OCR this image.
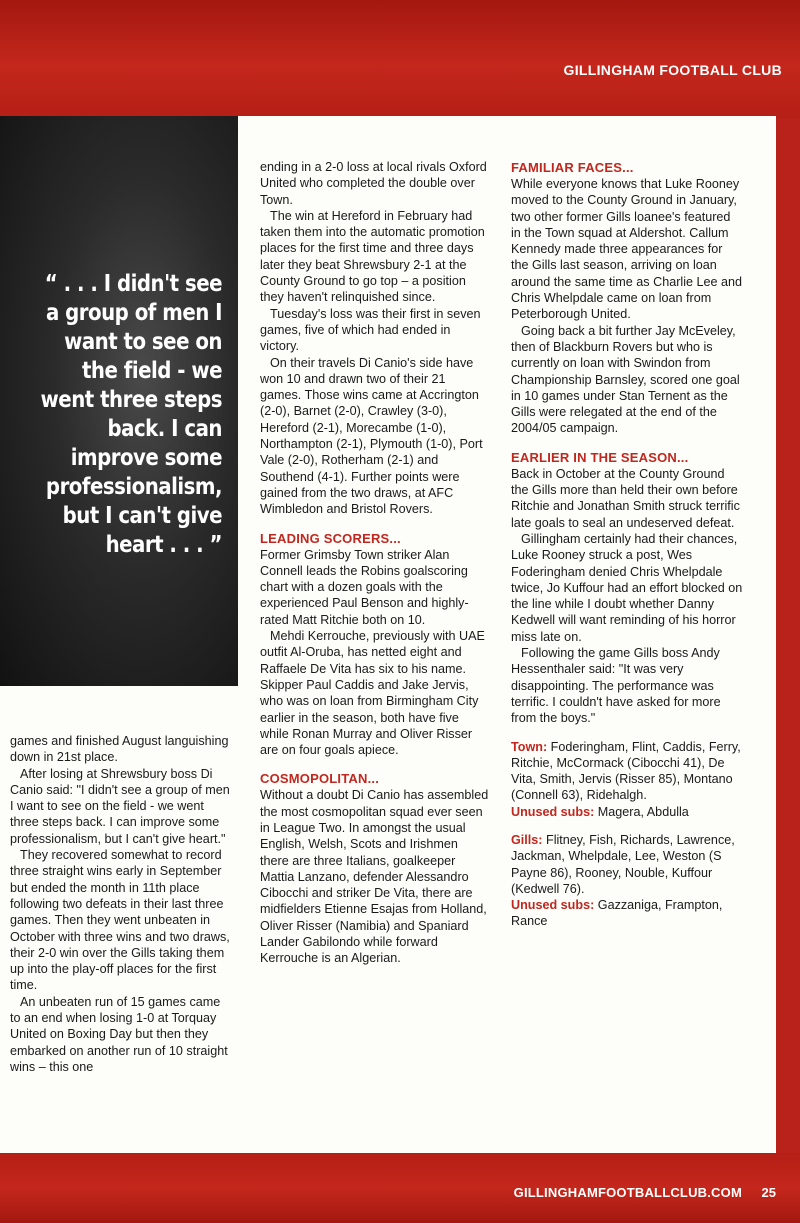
GILLINGHAM FOOTBALL CLUB
“ . . . I didn't see a group of men I want to see on the field - we went three steps back. I can improve some professionalism, but I can't give heart . . . ”

games and finished August languishing down in 21st place.

After losing at Shrewsbury boss Di Canio said: "I didn't see a group of men I want to see on the field - we went three steps back. I can improve some professionalism, but I can't give heart."

They recovered somewhat to record three straight wins early in September but ended the month in 11th place following two defeats in their last three games. Then they went unbeaten in October with three wins and two draws, their 2-0 win over the Gills taking them up into the play-off places for the first time.

An unbeaten run of 15 games came to an end when losing 1-0 at Torquay United on Boxing Day but then they embarked on another run of 10 straight wins – this one

ending in a 2-0 loss at local rivals Oxford United who completed the double over Town.

The win at Hereford in February had taken them into the automatic promotion places for the first time and three days later they beat Shrewsbury 2-1 at the County Ground to go top – a position they haven't relinquished since.

Tuesday's loss was their first in seven games, five of which had ended in victory.

On their travels Di Canio's side have won 10 and drawn two of their 21 games. Those wins came at Accrington (2-0), Barnet (2-0), Crawley (3-0), Hereford (2-1), Morecambe (1-0), Northampton (2-1), Plymouth (1-0), Port Vale (2-0), Rotherham (2-1) and Southend (4-1). Further points were gained from the two draws, at AFC Wimbledon and Bristol Rovers.

LEADING SCORERS...

Former Grimsby Town striker Alan Connell leads the Robins goalscoring chart with a dozen goals with the experienced Paul Benson and highly-rated Matt Ritchie both on 10.

Mehdi Kerrouche, previously with UAE outfit Al-Oruba, has netted eight and Raffaele De Vita has six to his name. Skipper Paul Caddis and Jake Jervis, who was on loan from Birmingham City earlier in the season, both have five while Ronan Murray and Oliver Risser are on four goals apiece.

COSMOPOLITAN...

Without a doubt Di Canio has assembled the most cosmopolitan squad ever seen in League Two. In amongst the usual English, Welsh, Scots and Irishmen there are three Italians, goalkeeper Mattia Lanzano, defender Alessandro Cibocchi and striker De Vita, there are midfielders Etienne Esajas from Holland, Oliver Risser (Namibia) and Spaniard Lander Gabilondo while forward Kerrouche is an Algerian.

FAMILIAR FACES...

While everyone knows that Luke Rooney moved to the County Ground in January, two other former Gills loanee's featured in the Town squad at Aldershot. Callum Kennedy made three appearances for the Gills last season, arriving on loan around the same time as Charlie Lee and Chris Whelpdale came on loan from Peterborough United.

Going back a bit further Jay McEveley, then of Blackburn Rovers but who is currently on loan with Swindon from Championship Barnsley, scored one goal in 10 games under Stan Ternent as the Gills were relegated at the end of the 2004/05 campaign.

EARLIER IN THE SEASON...

Back in October at the County Ground the Gills more than held their own before Ritchie and Jonathan Smith struck terrific late goals to seal an undeserved defeat.

Gillingham certainly had their chances, Luke Rooney struck a post, Wes Foderingham denied Chris Whelpdale twice, Jo Kuffour had an effort blocked on the line while I doubt whether Danny Kedwell will want reminding of his horror miss late on.

Following the game Gills boss Andy Hessenthaler said: "It was very disappointing. The performance was terrific. I couldn't have asked for more from the boys."

Town: Foderingham, Flint, Caddis, Ferry, Ritchie, McCormack (Cibocchi 41), De Vita, Smith, Jervis (Risser 85), Montano (Connell 63), Ridehalgh.

Unused subs: Magera, Abdulla

Gills: Flitney, Fish, Richards, Lawrence, Jackman, Whelpdale, Lee, Weston (S Payne 86), Rooney, Nouble, Kuffour (Kedwell 76).

Unused subs: Gazzaniga, Frampton, Rance

GILLINGHAMFOOTBALLCLUB.COM 25
